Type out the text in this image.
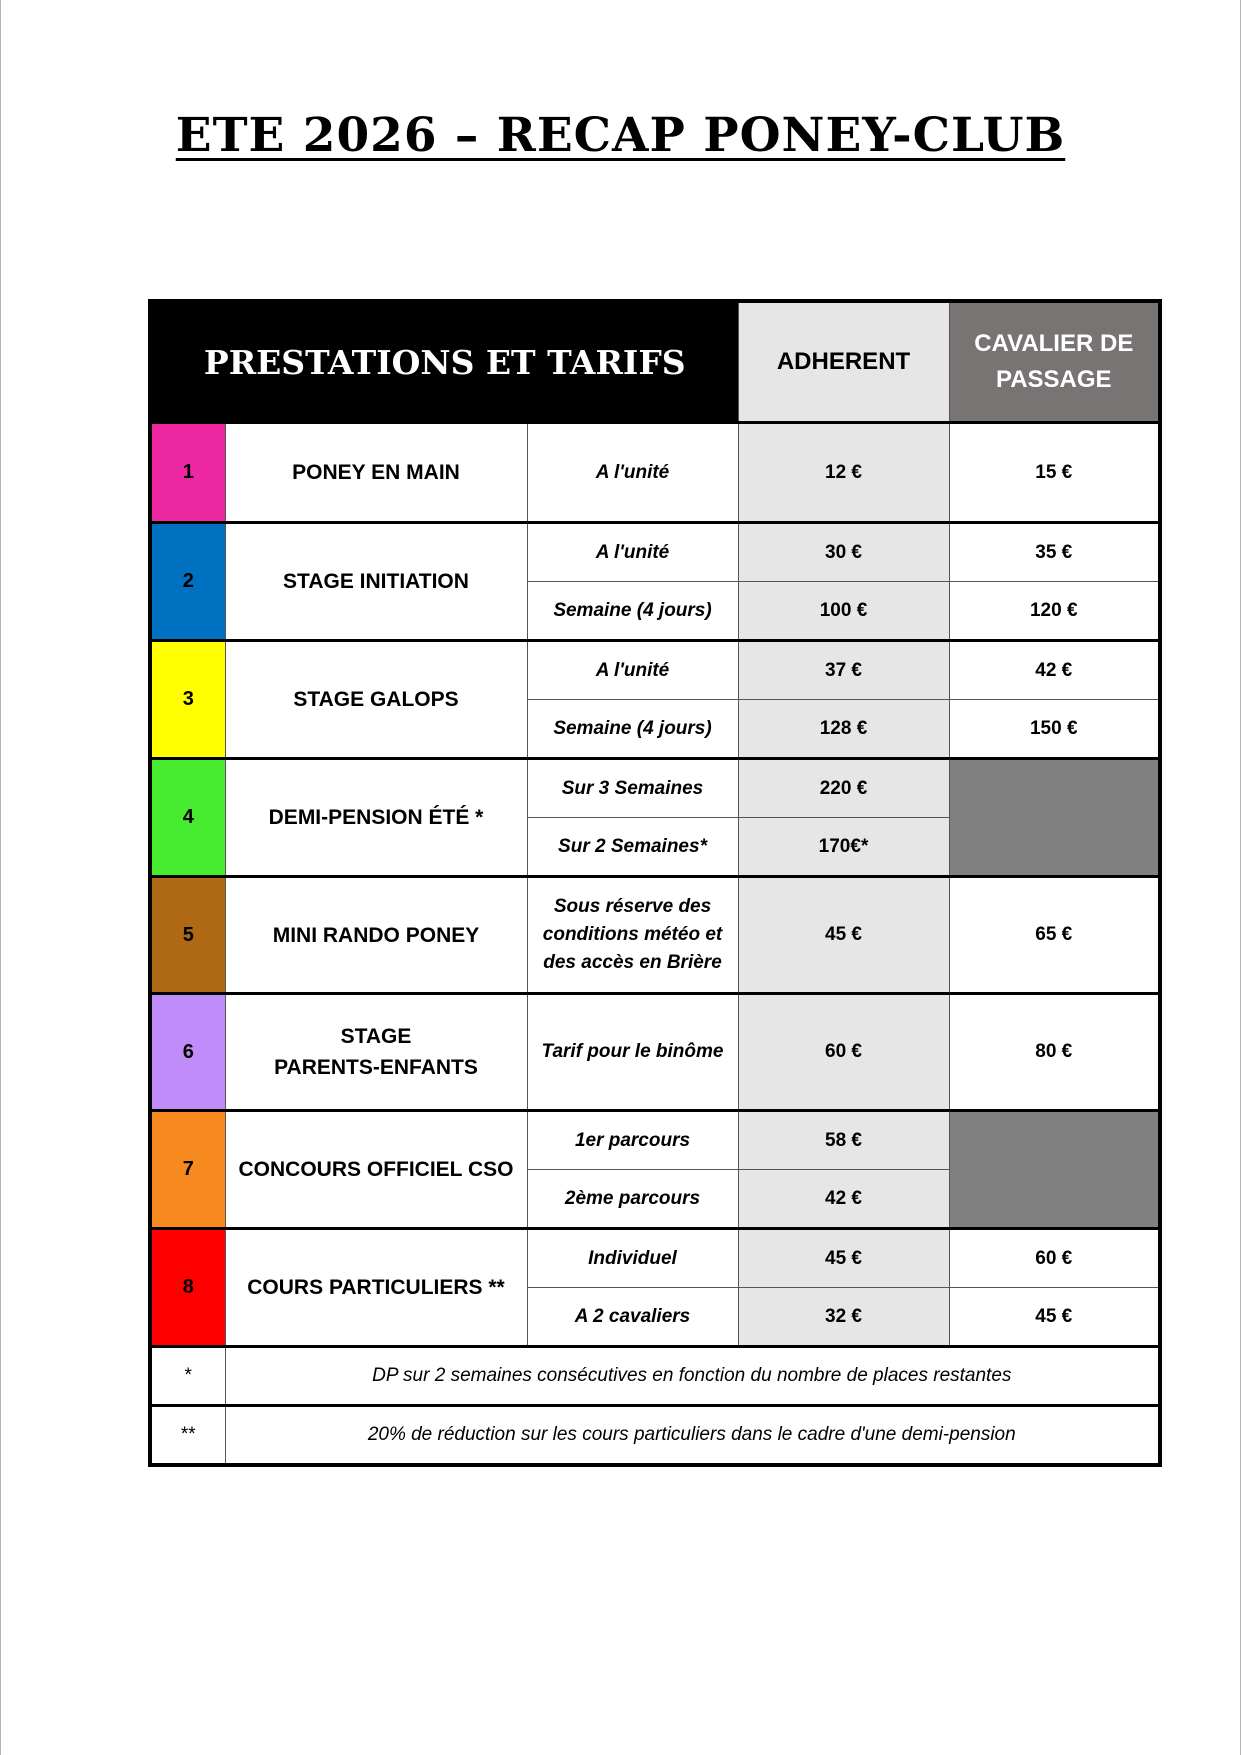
ETE 2026 – RECAP PONEY-CLUB
PRESTATIONS ET TARIFS			ADHERENT	CAVALIER DE
PASSAGE
1	PONEY EN MAIN	A l'unité	12 €	15 €
2	STAGE INITIATION	A l'unité	30 €	35 €
		Semaine (4 jours)	100 €	120 €
3	STAGE GALOPS	A l'unité	37 €	42 €
		Semaine (4 jours)	128 €	150 €
4	DEMI-PENSION ÉTÉ *	Sur 3 Semaines	220 €	
		Sur 2 Semaines*	170€*	
5	MINI RANDO PONEY	Sous réserve des
conditions météo et
des accès en Brière	45 €	65 €
6	STAGE
PARENTS-ENFANTS	Tarif pour le binôme	60 €	80 €
7	CONCOURS OFFICIEL CSO	1er parcours	58 €	
		2ème parcours	42 €	
8	COURS PARTICULIERS **	Individuel	45 €	60 €
		A 2 cavaliers	32 €	45 €
*	DP sur 2 semaines consécutives en fonction du nombre de places restantes			
**	20% de réduction sur les cours particuliers dans le cadre d'une demi-pension			
